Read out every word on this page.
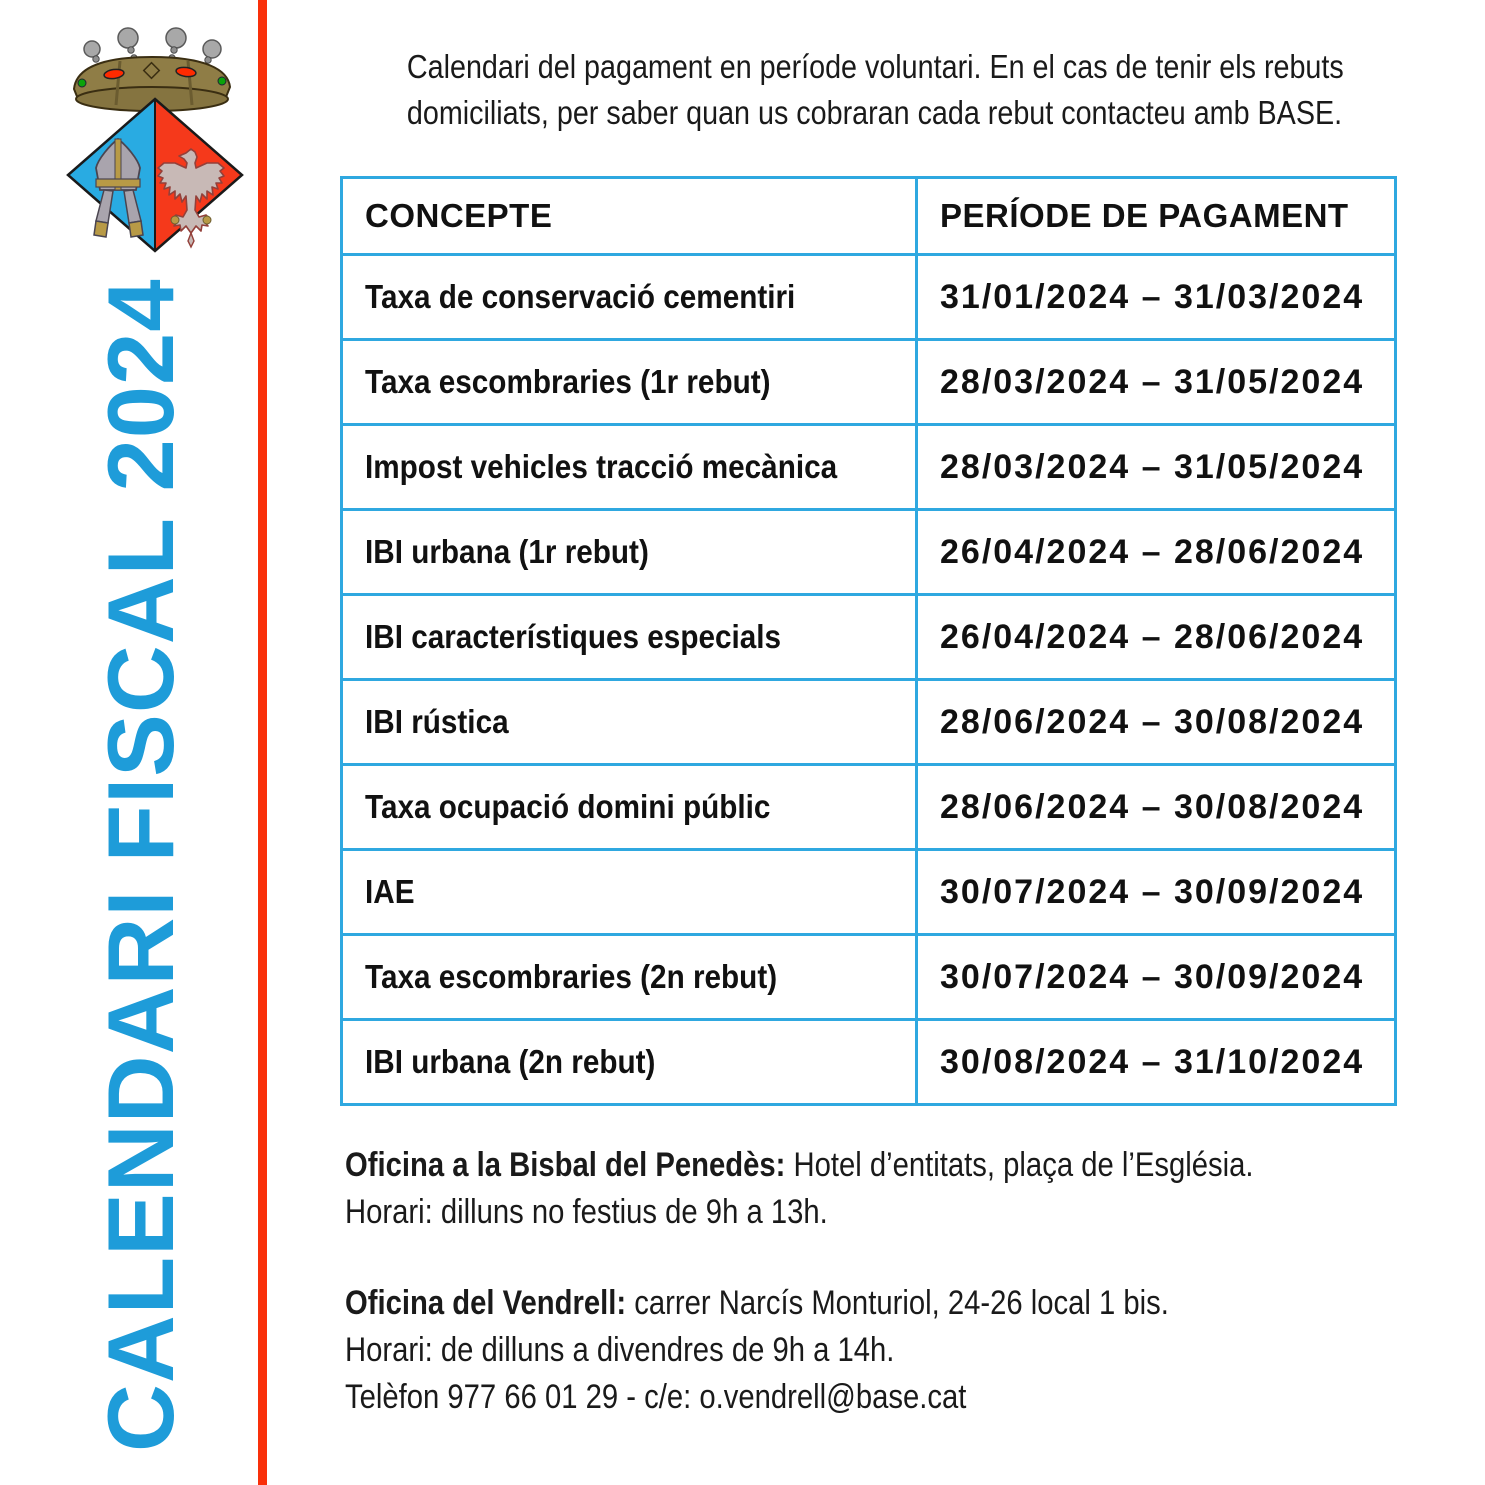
CALENDARI FISCAL 2024
Calendari del pagament en període voluntari. En el cas de tenir els rebuts
domiciliats, per saber quan us cobraran cada rebut contacteu amb BASE.
CONCEPTE	PERÍODE DE PAGAMENT
Taxa de conservació cementiri	31/01/2024 – 31/03/2024
Taxa escombraries (1r rebut)	28/03/2024 – 31/05/2024
Impost vehicles tracció mecànica	28/03/2024 – 31/05/2024
IBI urbana (1r rebut)	26/04/2024 – 28/06/2024
IBI característiques especials	26/04/2024 – 28/06/2024
IBI rústica	28/06/2024 – 30/08/2024
Taxa ocupació domini públic	28/06/2024 – 30/08/2024
IAE	30/07/2024 – 30/09/2024
Taxa escombraries (2n rebut)	30/07/2024 – 30/09/2024
IBI urbana (2n rebut)	30/08/2024 – 31/10/2024
Oficina a la Bisbal del Penedès: Hotel d’entitats, plaça de l’Església.
Horari: dilluns no festius de 9h a 13h.
Oficina del Vendrell: carrer Narcís Monturiol, 24-26 local 1 bis.
Horari: de dilluns a divendres de 9h a 14h.
Telèfon 977 66 01 29 - c/e: o.vendrell@base.cat
